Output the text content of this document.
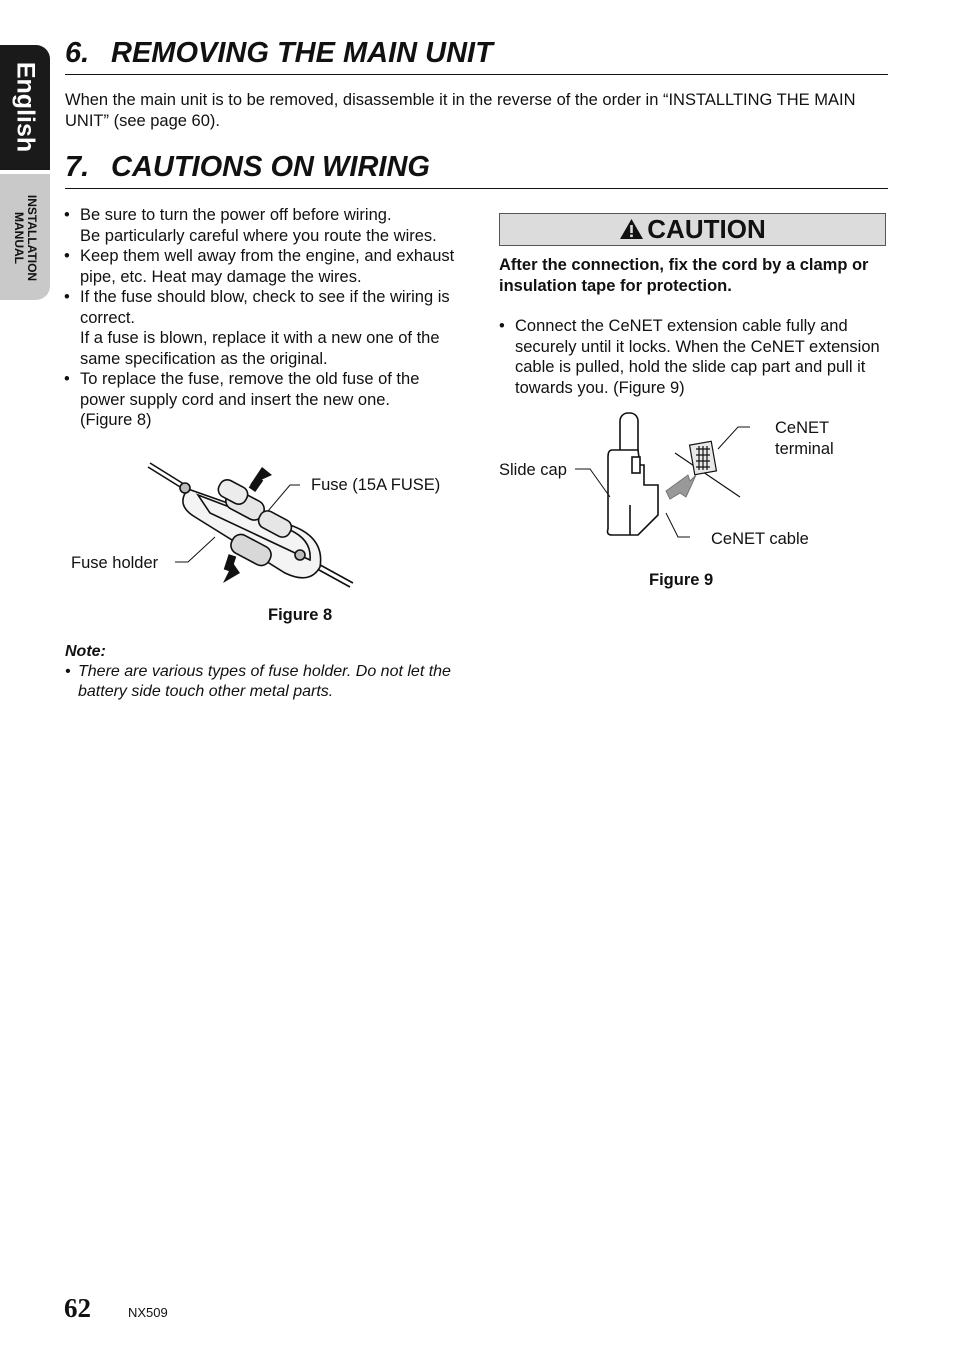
English
INSTALLATION
MANUAL
6. REMOVING THE MAIN UNIT

When the main unit is to be removed, disassemble it in the reverse of the order in “INSTALLTING THE MAIN UNIT” (see page 60).

7. CAUTIONS ON WIRING
• Be sure to turn the power off before wiring.
Be particularly careful where you route the wires.
• Keep them well away from the engine, and exhaust pipe, etc. Heat may damage the wires.
• If the fuse should blow, check to see if the wiring is correct.
If a fuse is blown, replace it with a new one of the same specification as the original.
• To replace the fuse, remove the old fuse of the power supply cord and insert the new one.
(Figure 8)
Fuse (15A FUSE)
Fuse holder
Figure 8
Note:
• There are various types of fuse holder. Do not let the battery side touch other metal parts.
CAUTION

After the connection, fix the cord by a clamp or insulation tape for protection.

• Connect the CeNET extension cable fully and securely until it locks. When the CeNET extension cable is pulled, hold the slide cap part and pull it towards you. (Figure 9)
Slide cap
CeNET
terminal
CeNET cable
Figure 9
62	NX509
